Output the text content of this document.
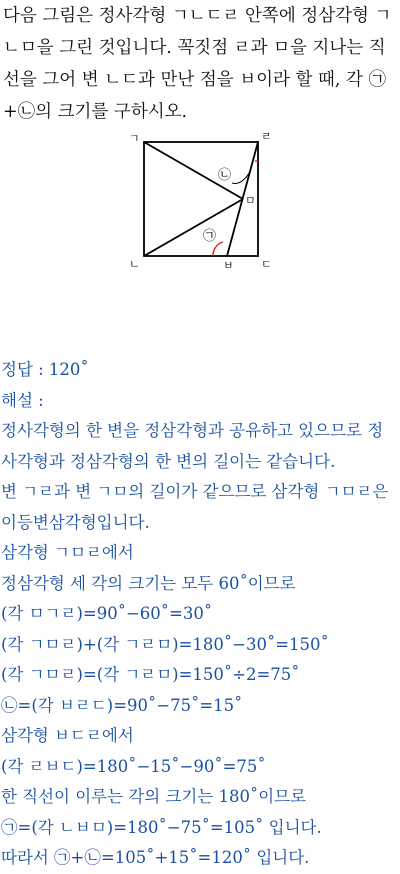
다음 그림은 정사각형 ㄱㄴㄷㄹ 안쪽에 정삼각형 ㄱ
ㄴㅁ을 그린 것입니다. 꼭짓점 ㄹ과 ㅁ을 지나는 직
선을 그어 변 ㄴㄷ과 만난 점을 ㅂ이라 할 때, 각 ㉠
+㉡의 크기를 구하시오.
ㄱ	ㄹ
ㅁ
ㄴ	ㅂ ㄷ
㉠
㉡
정답 : 120˚
해설 :
정사각형의 한 변을 정삼각형과 공유하고 있으므로 정
사각형과 정삼각형의 한 변의 길이는 같습니다.
변 ㄱㄹ과 변 ㄱㅁ의 길이가 같으므로 삼각형 ㄱㅁㄹ은
이등변삼각형입니다.
삼각형 ㄱㅁㄹ에서
정삼각형 세 각의 크기는 모두 60˚이므로
(각 ㅁㄱㄹ)=90˚−60˚=30˚
(각 ㄱㅁㄹ)+(각 ㄱㄹㅁ)=180˚−30˚=150˚
(각 ㄱㅁㄹ)=(각 ㄱㄹㅁ)=150˚÷2=75˚
㉡=(각 ㅂㄹㄷ)=90˚−75˚=15˚
삼각형 ㅂㄷㄹ에서
(각 ㄹㅂㄷ)=180˚−15˚−90˚=75˚
한 직선이 이루는 각의 크기는 180˚이므로
㉠=(각 ㄴㅂㅁ)=180˚−75˚=105˚ 입니다.
따라서 ㉠+㉡=105˚+15˚=120˚ 입니다.
